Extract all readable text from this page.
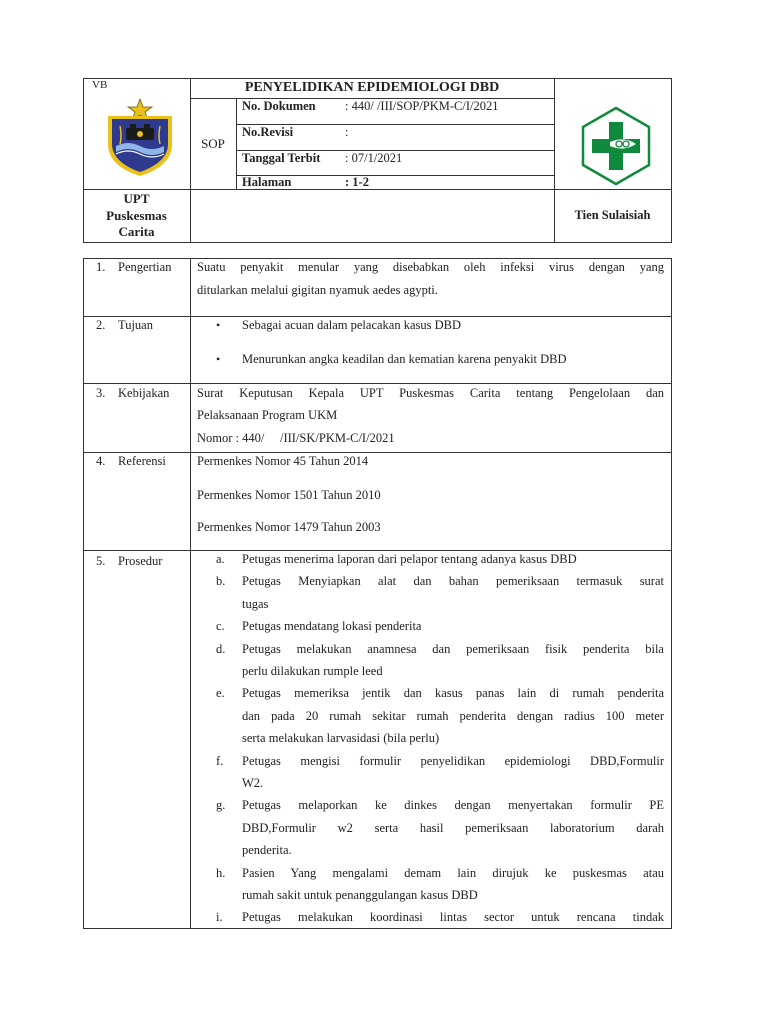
VB	PENYELIDIKAN EPIDEMIOLOGI DBD
SOP
No. Dokumen : 440/ /III/SOP/PKM-C/I/2021
No.Revisi	:
Tanggal Terbit : 07/1/2021
Halaman	: 1-2
UPT
Puskesmas
Carita
Tien Sulaisiah
1. Pengertian Suatu penyakit menular yang disebabkan oleh infeksi virus dengan yang
ditularkan melalui gigitan nyamuk aedes agypti.
2. Tujuan	• Sebagai acuan dalam pelacakan kasus DBD
• Menurunkan angka keadilan dan kematian karena penyakit DBD
3. Kebijakan Surat Keputusan Kepala UPT Puskesmas Carita tentang Pengelolaan dan
Pelaksanaan Program UKM
Nomor : 440/     /III/SK/PKM-C/I/2021
4. Referensi Permenkes Nomor 45 Tahun 2014
Permenkes Nomor 1501 Tahun 2010
Permenkes Nomor 1479 Tahun 2003
5. Prosedur	a. Petugas menerima laporan dari pelapor tentang adanya kasus DBD
b. Petugas Menyiapkan alat dan bahan pemeriksaan termasuk surat
tugas
c. Petugas mendatang lokasi penderita
d. Petugas melakukan anamnesa dan pemeriksaan fisik penderita bila
perlu dilakukan rumple leed
e. Petugas memeriksa jentik dan kasus panas lain di rumah penderita
dan pada 20 rumah sekitar rumah penderita dengan radius 100 meter
serta melakukan larvasidasi (bila perlu)
f. Petugas mengisi formulir penyelidikan epidemiologi DBD,Formulir
W2.
g. Petugas melaporkan ke dinkes dengan menyertakan formulir PE
DBD,Formulir w2 serta hasil pemeriksaan laboratorium darah
penderita.
h. Pasien Yang mengalami demam lain dirujuk ke puskesmas atau
rumah sakit untuk penanggulangan kasus DBD
i. Petugas melakukan koordinasi lintas sector untuk rencana tindak
